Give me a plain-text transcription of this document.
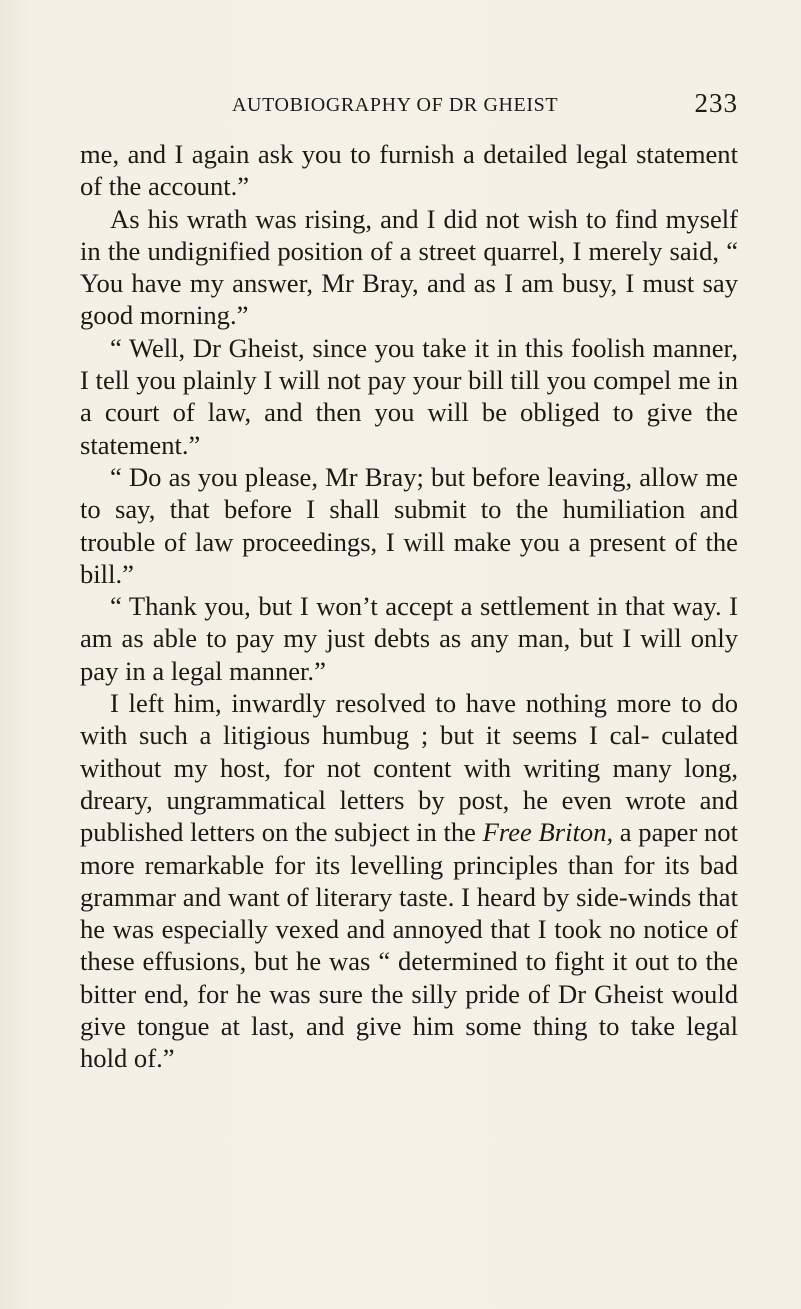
AUTOBIOGRAPHY OF DR GHEIST	233

me, and I again ask you to furnish a detailed legal statement of the account.”

As his wrath was rising, and I did not wish to find myself in the undignified position of a street quarrel, I merely said, “ You have my answer, Mr Bray, and as I am busy, I must say good morning.”

“ Well, Dr Gheist, since you take it in this foolish manner, I tell you plainly I will not pay your bill till you compel me in a court of law, and then you will be obliged to give the statement.”

“ Do as you please, Mr Bray; but before leaving, allow me to say, that before I shall submit to the humiliation and trouble of law proceedings, I will make you a present of the bill.”

“ Thank you, but I won’t accept a settlement in that way. I am as able to pay my just debts as any man, but I will only pay in a legal manner.”

I left him, inwardly resolved to have nothing more to do with such a litigious humbug ; but it seems I cal- culated without my host, for not content with writing many long, dreary, ungrammatical letters by post, he even wrote and published letters on the subject in the Free Briton, a paper not more remarkable for its levelling principles than for its bad grammar and want of literary taste. I heard by side-winds that he was especially vexed and annoyed that I took no notice of these effusions, but he was “ determined to fight it out to the bitter end, for he was sure the silly pride of Dr Gheist would give tongue at last, and give him some thing to take legal hold of.”
